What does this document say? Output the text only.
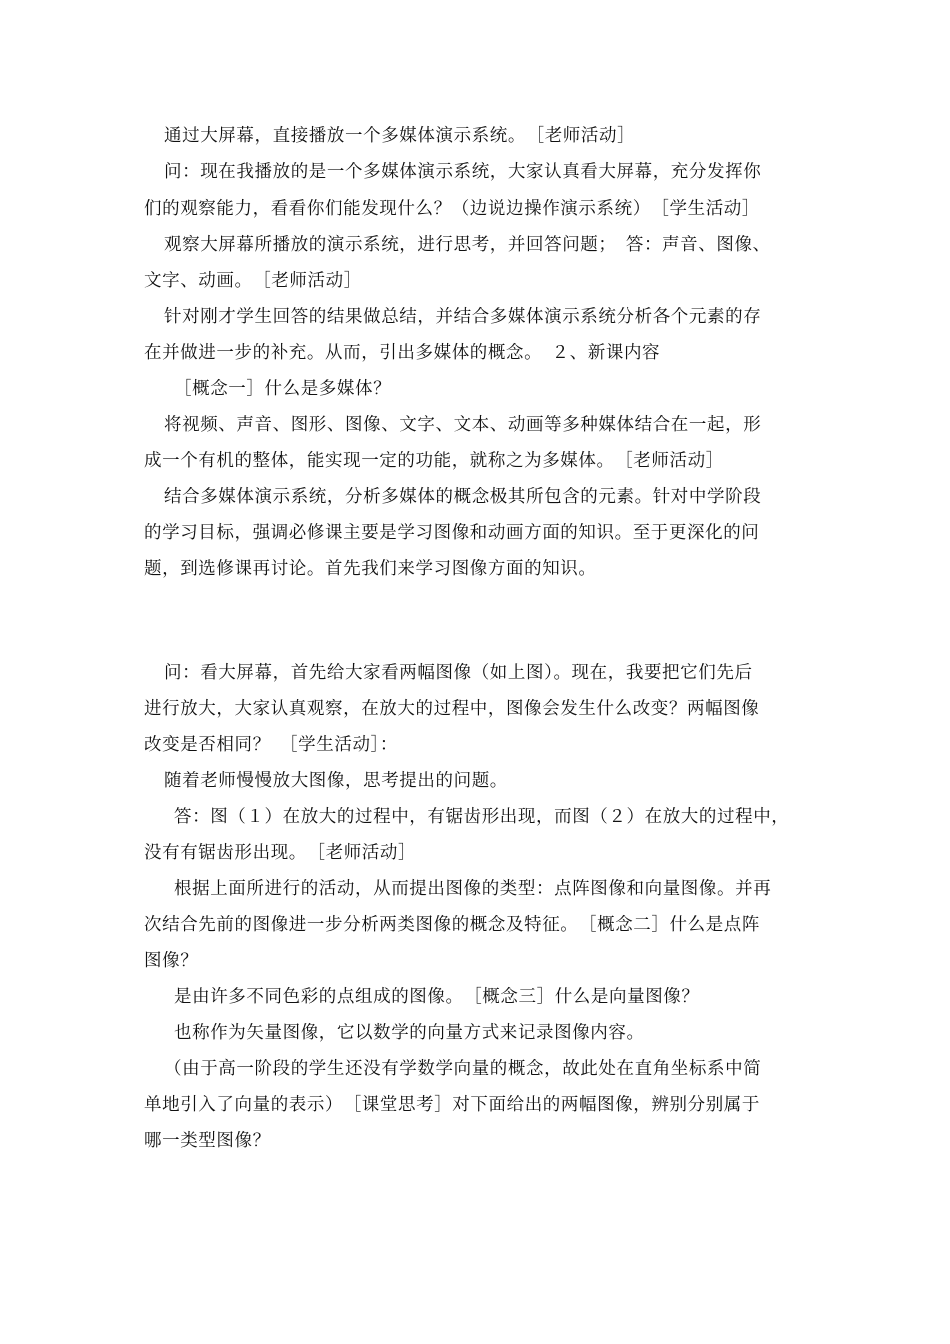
通过大屏幕，直接播放一个多媒体演示系统。　［老师活动］
问：现在我播放的是一个多媒体演示系统，大家认真看大屏幕，充分发挥你
们的观察能力，看看你们能发现什么？（边说边操作演示系统）　［学生活动］
观察大屏幕所播放的演示系统，进行思考，并回答问题；　答：声音、图像、
文字、动画。　［老师活动］
针对刚才学生回答的结果做总结，并结合多媒体演示系统分析各个元素的存
在并做进一步的补充。从而，引出多媒体的概念。　２、新课内容
［概念一］什么是多媒体？
将视频、声音、图形、图像、文字、文本、动画等多种媒体结合在一起，形
成一个有机的整体，能实现一定的功能，就称之为多媒体。　［老师活动］
结合多媒体演示系统，分析多媒体的概念极其所包含的元素。针对中学阶段
的学习目标，强调必修课主要是学习图像和动画方面的知识。至于更深化的问
题，到选修课再讨论。首先我们来学习图像方面的知识。
问：看大屏幕，首先给大家看两幅图像（如上图）。现在，我要把它们先后
进行放大，大家认真观察，在放大的过程中，图像会发生什么改变？两幅图像
改变是否相同？　［学生活动］：
随着老师慢慢放大图像，思考提出的问题。
答：图（１）在放大的过程中，有锯齿形出现，而图（２）在放大的过程中，
没有有锯齿形出现。　［老师活动］
根据上面所进行的活动，从而提出图像的类型：点阵图像和向量图像。并再
次结合先前的图像进一步分析两类图像的概念及特征。　［概念二］什么是点阵
图像？
是由许多不同色彩的点组成的图像。　［概念三］什么是向量图像？
也称作为矢量图像，它以数学的向量方式来记录图像内容。
（由于高一阶段的学生还没有学数学向量的概念，故此处在直角坐标系中简
单地引入了向量的表示）　［课堂思考］对下面给出的两幅图像，辨别分别属于
哪一类型图像？
